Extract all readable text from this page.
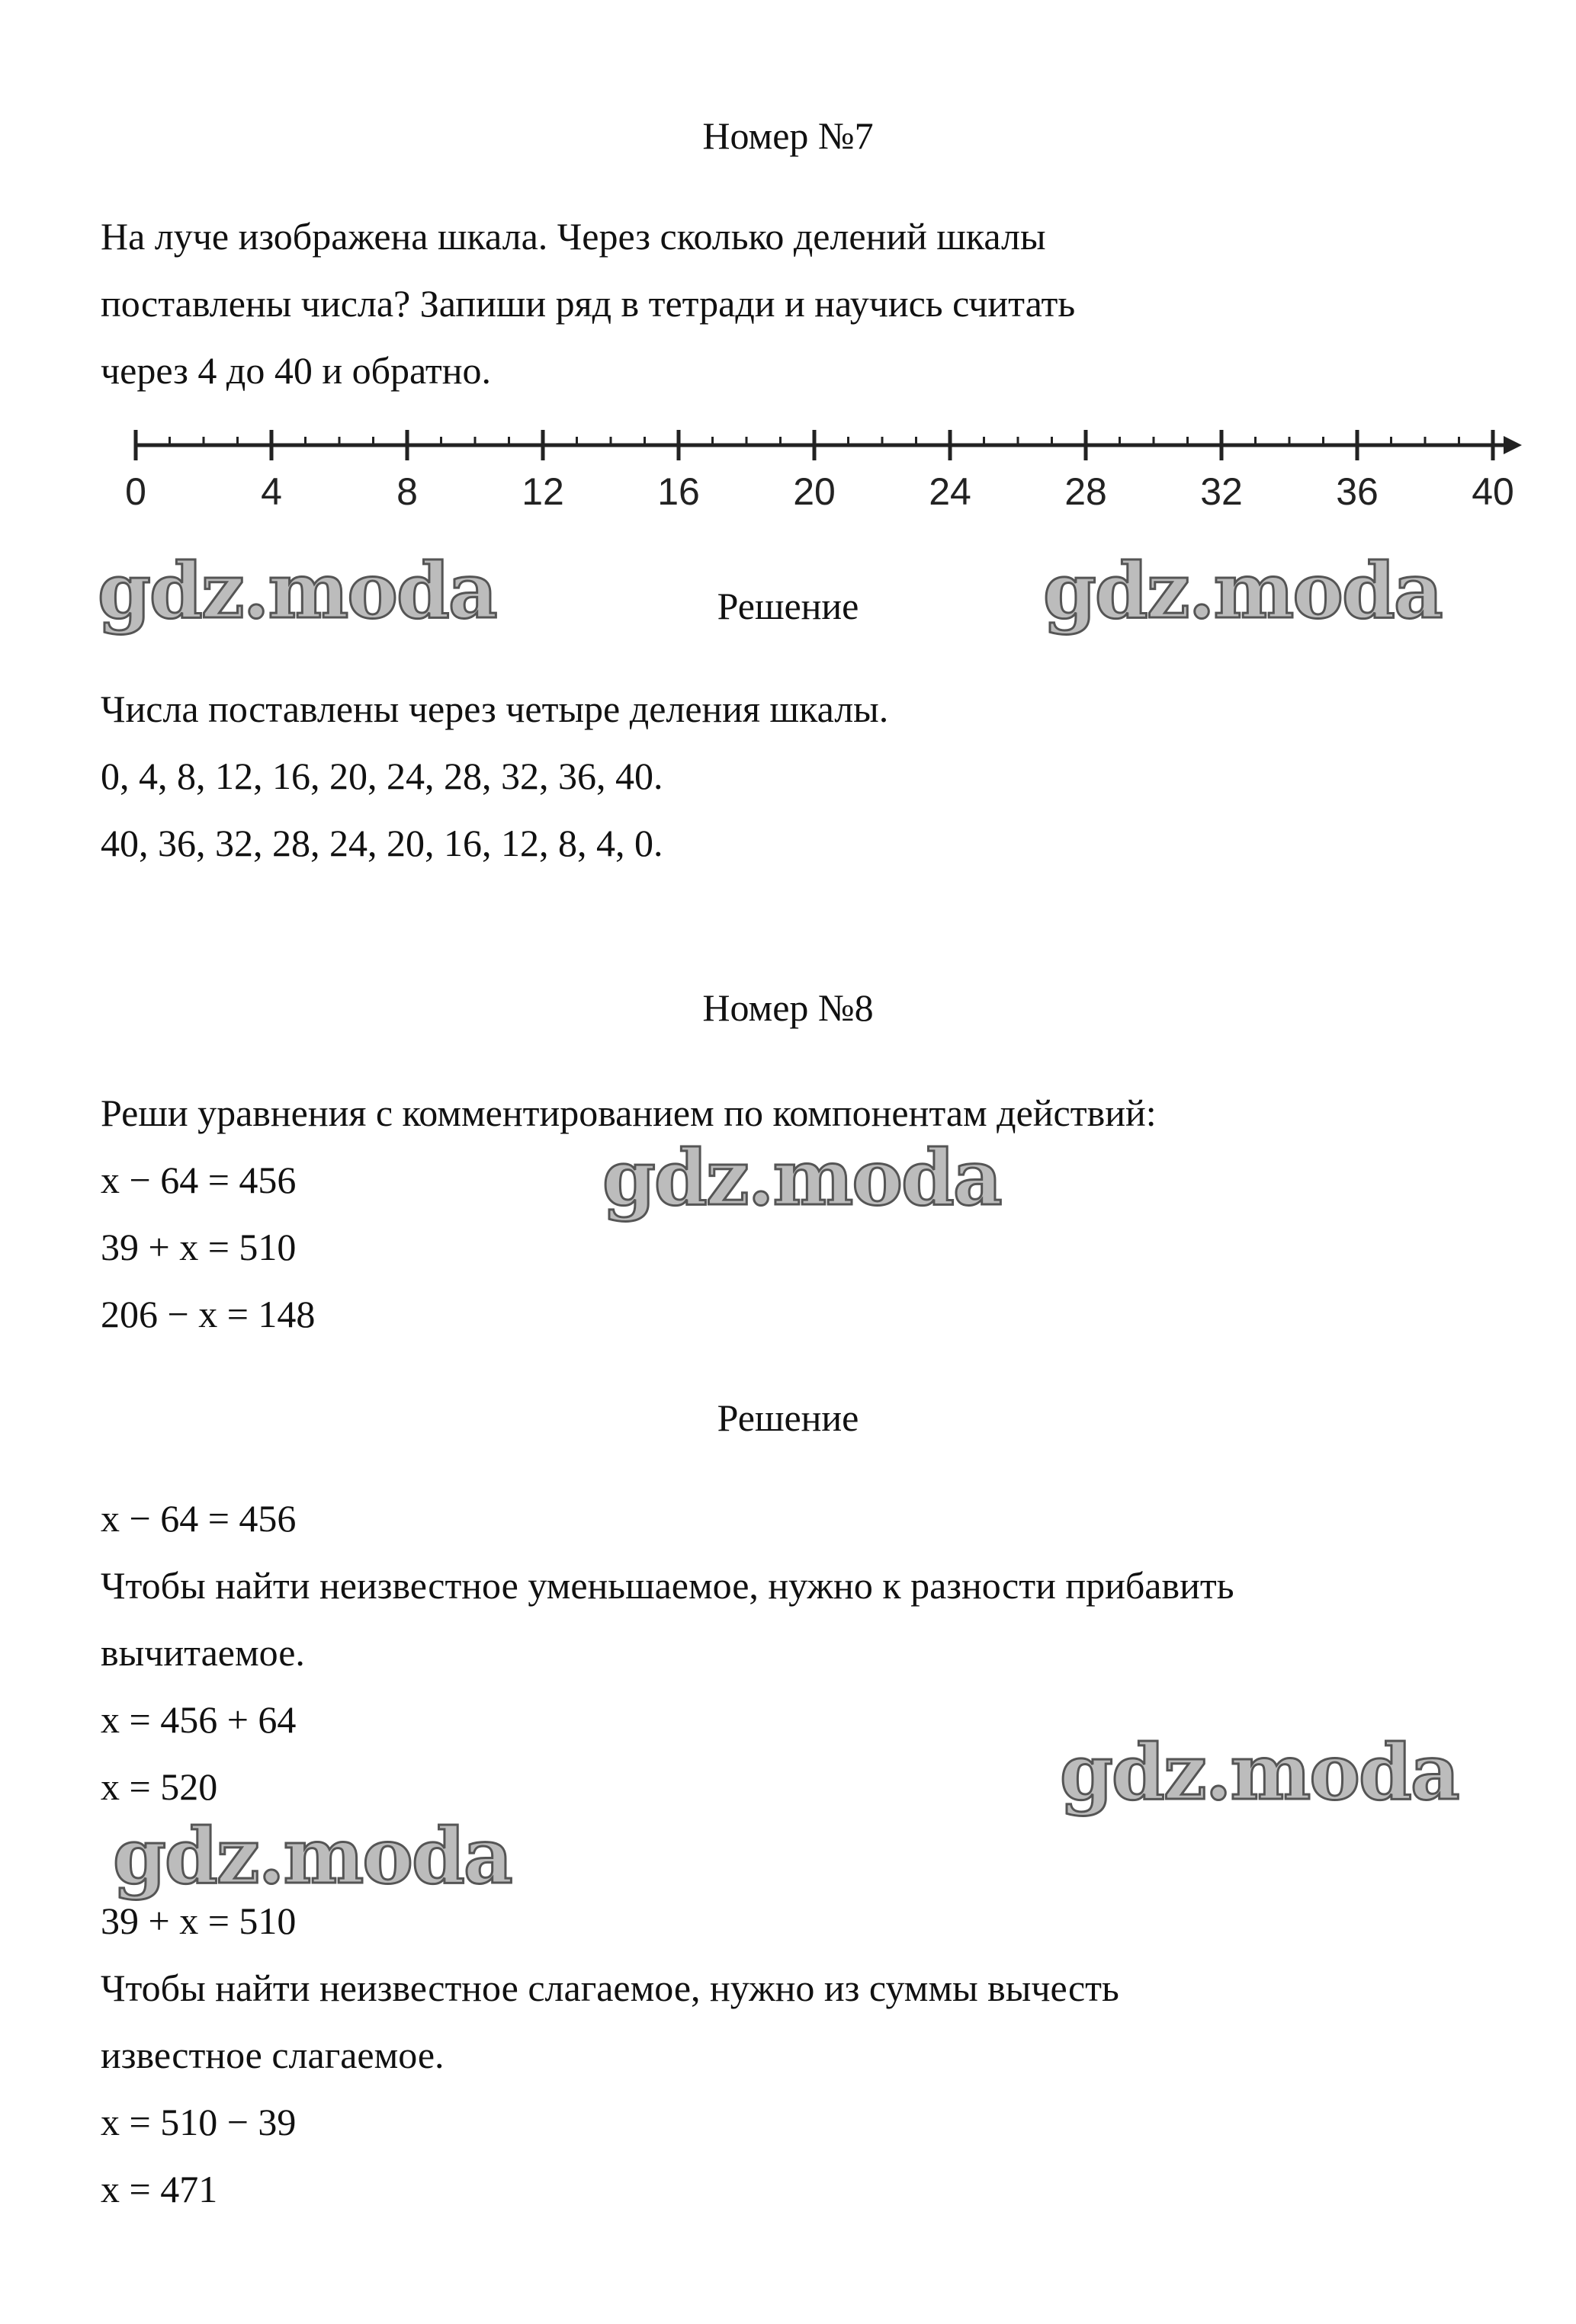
Номер №7

На луче изображена шкала. Через сколько делений шкалы

поставлены числа? Запиши ряд в тетради и научись считать

через 4 до 40 и обратно.

0	4	8	12 16 20 24 28 32 36 40
Решение

Числа поставлены через четыре деления шкалы.

0, 4, 8, 12, 16, 20, 24, 28, 32, 36, 40.

40, 36, 32, 28, 24, 20, 16, 12, 8, 4, 0.

Номер №8

Реши уравнения с комментированием по компонентам действий:

x − 64 = 456

39 + x = 510

206 − x = 148

Решение

x − 64 = 456

Чтобы найти неизвестное уменьшаемое, нужно к разности прибавить

вычитаемое.

x = 456 + 64

x = 520

39 + x = 510

Чтобы найти неизвестное слагаемое, нужно из суммы вычесть

известное слагаемое.

x = 510 − 39

x = 471

gdz.moda	gdz.moda
gdz.moda
gdz.moda
gdz.moda
